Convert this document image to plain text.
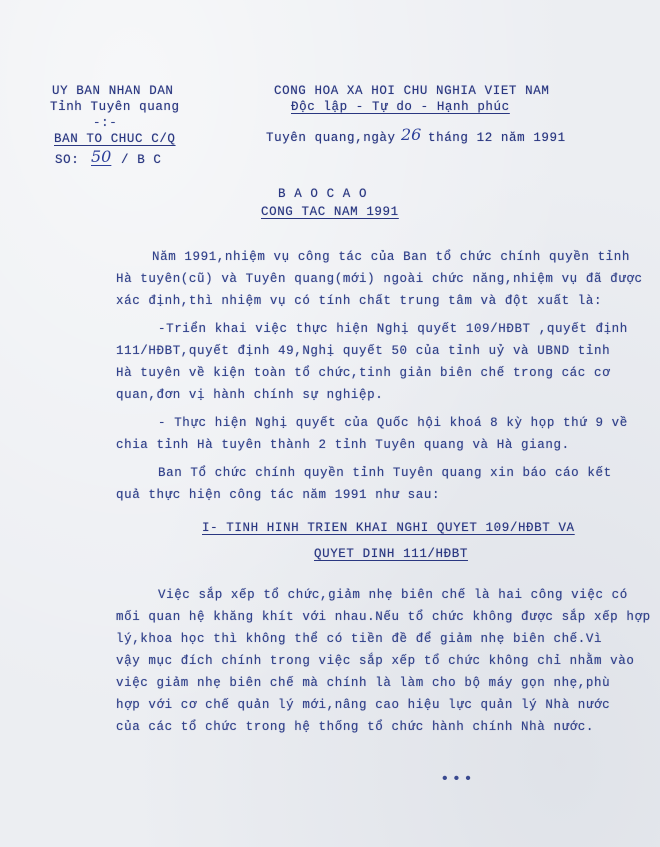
UY BAN NHAN DAN
Tỉnh Tuyên quang
-:-
BAN TO CHUC C/Q
SO: 50 / B C
CONG HOA XA HOI CHU NGHIA VIET NAM
Độc lập - Tự do - Hạnh phúc
Tuyên quang,ngày 26 tháng 12 năm 1991
B A O C A O
CONG TAC NAM 1991
Năm 1991,nhiệm vụ công tác của Ban tổ chức chính quyền tỉnh
Hà tuyên(cũ) và Tuyên quang(mới) ngoài chức năng,nhiệm vụ đã được
xác định,thì nhiệm vụ có tính chất trung tâm và đột xuất là:
-Triển khai việc thực hiện Nghị quyết 109/HĐBT ,quyết định
111/HĐBT,quyết định 49,Nghị quyết 50 của tỉnh uỷ và UBND tỉnh
Hà tuyên về kiện toàn tổ chức,tinh giản biên chế trong các cơ
quan,đơn vị hành chính sự nghiệp.
- Thực hiện Nghị quyết của Quốc hội khoá 8 kỳ họp thứ 9 về
chia tỉnh Hà tuyên thành 2 tỉnh Tuyên quang và Hà giang.
Ban Tổ chức chính quyền tỉnh Tuyên quang xin báo cáo kết
quả thực hiện công tác năm 1991 như sau:
I- TINH HINH TRIEN KHAI NGHI QUYET 109/HĐBT VA
QUYET DINH 111/HĐBT
Việc sắp xếp tổ chức,giảm nhẹ biên chế là hai công việc có
mối quan hệ khăng khít với nhau.Nếu tổ chức không được sắp xếp hợp
lý,khoa học thì không thể có tiền đề để giảm nhẹ biên chế.Vì
vậy mục đích chính trong việc sắp xếp tổ chức không chỉ nhằm vào
việc giảm nhẹ biên chế mà chính là làm cho bộ máy gọn nhẹ,phù
hợp với cơ chế quản lý mới,nâng cao hiệu lực quản lý Nhà nước
của các tổ chức trong hệ thống tổ chức hành chính Nhà nước.
•••
